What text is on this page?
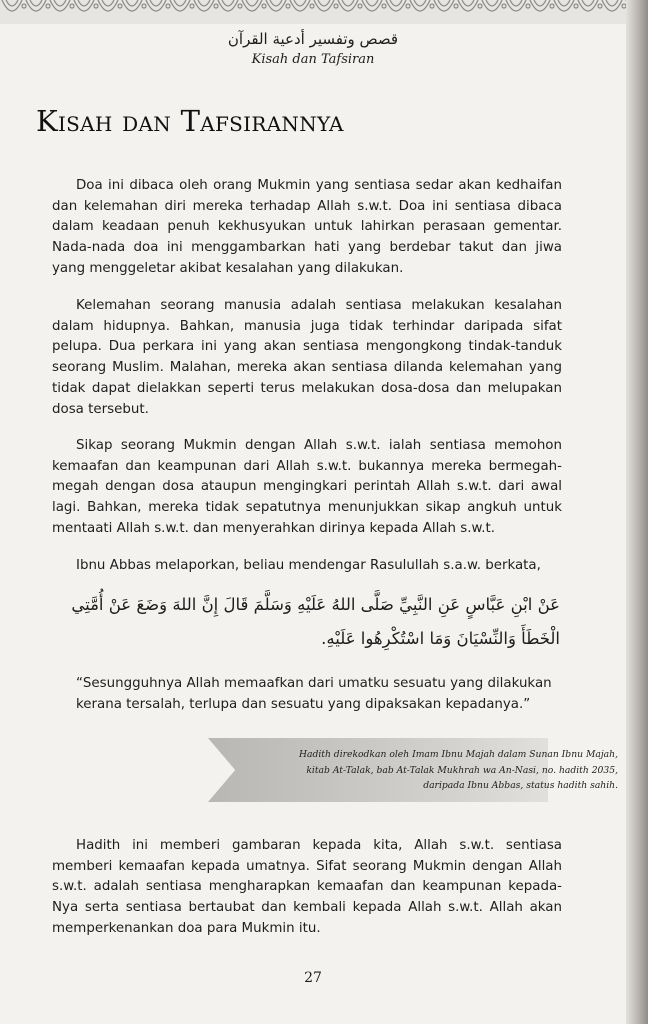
قصص وتفسير أدعية القرآن
Kisah dan Tafsiran
Kisah dan Tafsirannya

Doa ini dibaca oleh orang Mukmin yang sentiasa sedar akan kedhaifan dan kelemahan diri mereka terhadap Allah s.w.t. Doa ini sentiasa dibaca dalam keadaan penuh kekhusyukan untuk lahirkan perasaan gementar. Nada-nada doa ini menggambarkan hati yang berdebar takut dan jiwa yang menggeletar akibat kesalahan yang dilakukan.

Kelemahan seorang manusia adalah sentiasa melakukan kesalahan dalam hidupnya. Bahkan, manusia juga tidak terhindar daripada sifat pelupa. Dua perkara ini yang akan sentiasa mengongkong tindak-tanduk seorang Muslim. Malahan, mereka akan sentiasa dilanda kelemahan yang tidak dapat dielakkan seperti terus melakukan dosa-dosa dan melupakan dosa tersebut.

Sikap seorang Mukmin dengan Allah s.w.t. ialah sentiasa memohon kemaafan dan keampunan dari Allah s.w.t. bukannya mereka bermegah-megah dengan dosa ataupun mengingkari perintah Allah s.w.t. dari awal lagi. Bahkan, mereka tidak sepatutnya menunjukkan sikap angkuh untuk mentaati Allah s.w.t. dan menyerahkan dirinya kepada Allah s.w.t.

Ibnu Abbas melaporkan, beliau mendengar Rasulullah s.a.w. berkata,

عَنْ ابْنِ عَبَّاسٍ عَنِ النَّبِيِّ صَلَّى اللهُ عَلَيْهِ وَسَلَّمَ قَالَ إِنَّ اللهَ وَضَعَ عَنْ أُمَّتِي الْخَطَأَ وَالنِّسْيَانَ وَمَا اسْتُكْرِهُوا عَلَيْهِ.

“Sesungguhnya Allah memaafkan dari umatku sesuatu yang dilakukan kerana tersalah, terlupa dan sesuatu yang dipaksakan kepadanya.”

Hadith direkodkan oleh Imam Ibnu Majah dalam Sunan Ibnu Majah,
kitab At-Talak, bab At-Talak Mukhrah wa An-Nasi, no. hadith 2035,
daripada Ibnu Abbas, status hadith sahih.

Hadith ini memberi gambaran kepada kita, Allah s.w.t. sentiasa memberi kemaafan kepada umatnya. Sifat seorang Mukmin dengan Allah s.w.t. adalah sentiasa mengharapkan kemaafan dan keampunan kepada-Nya serta sentiasa bertaubat dan kembali kepada Allah s.w.t. Allah akan memperkenankan doa para Mukmin itu.

27
